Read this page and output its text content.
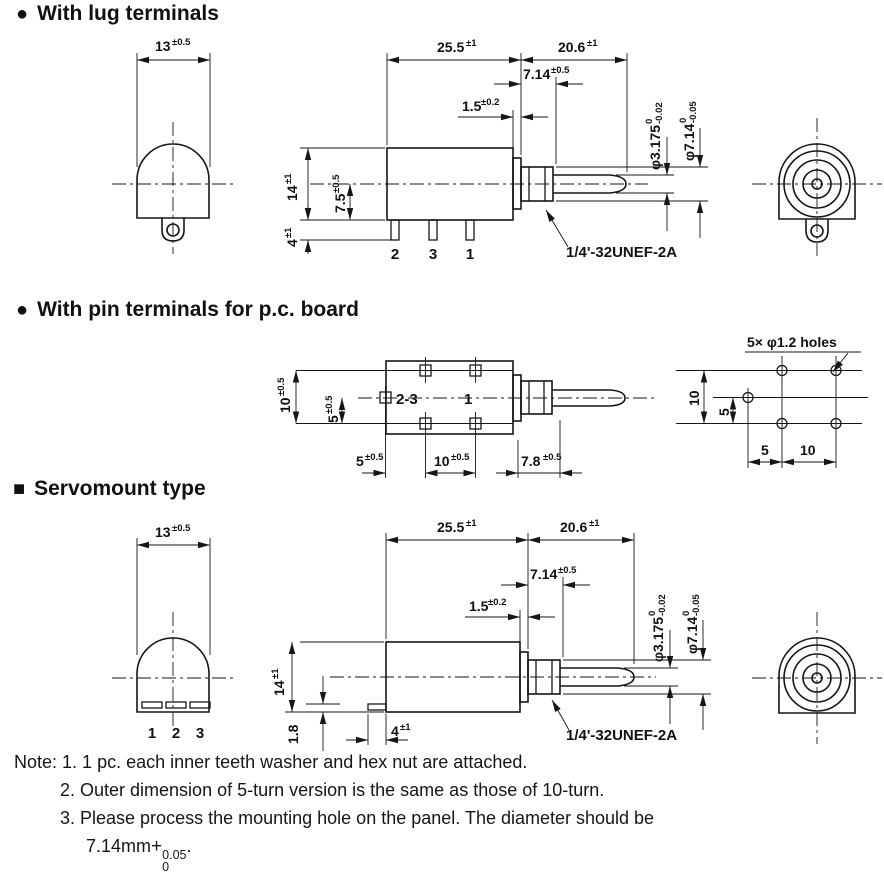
● With lug terminals
● With pin terminals for p.c. board
■ Servomount type
13 ±0.5
2 3 1
25.5 ±1	20.6 ±1
7.14 ±0.5
1.5 ±0.2
14
±1
7.5
±0.5
4
±1
φ3.175
0 -0.02
φ7.14
0 -0.05
1/4'-32UNEF-2A
2-3	1
10
±0.5
5
±0.5
5 ±0.5	10 ±0.5	7.8 ±0.5
5× φ1.2 holes
10
5
5 10
13 ±0.5
1 2 3
25.5 ±1	20.6 ±1
7.14 ±0.5
1.5 ±0.2
14
±1
1.8	4 ±1
φ3.175
0 -0.02
φ7.14
0 -0.05
1/4'-32UNEF-2A
Note: 1. 1 pc. each inner teeth washer and hex nut are attached.
2. Outer dimension of 5-turn version is the same as those of 10-turn.
3. Please process the mounting hole on the panel. The diameter should be
7.14mm+ 0.05
0
.
